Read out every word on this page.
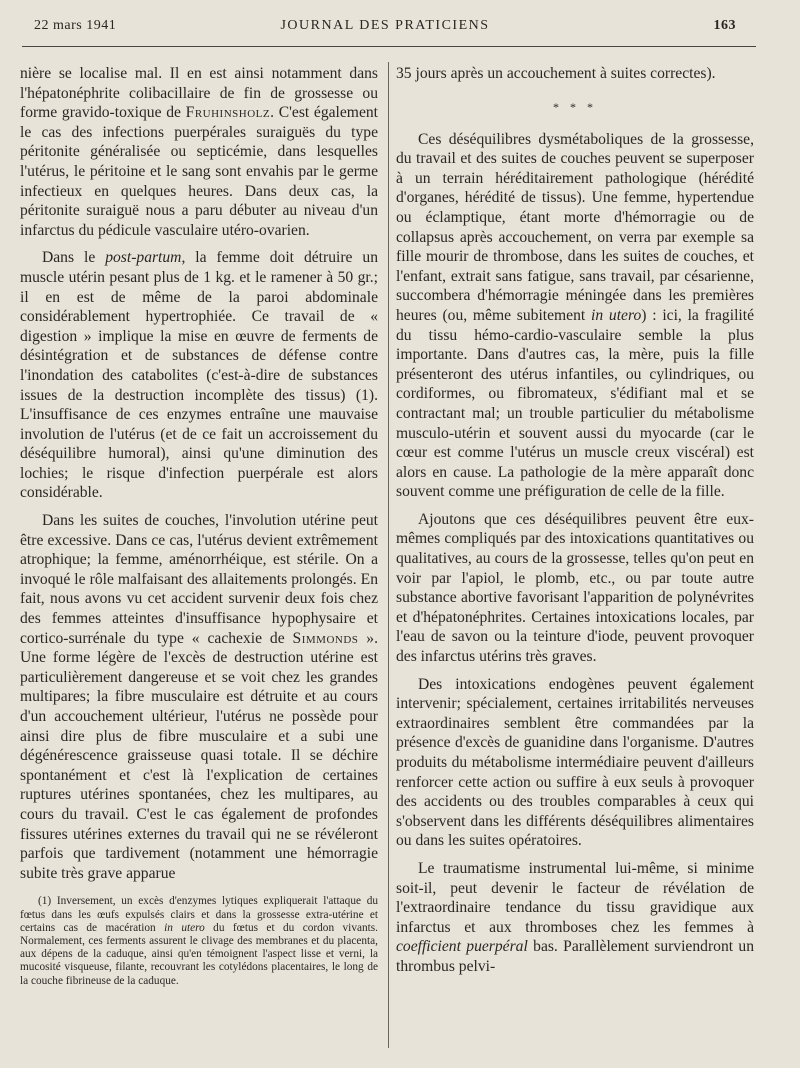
22 mars 1941	JOURNAL DES PRATICIENS	163

nière se localise mal. Il en est ainsi notamment dans l'hépatonéphrite colibacillaire de fin de grossesse ou forme gravido-toxique de Fruhinsholz. C'est également le cas des infections puerpérales suraiguës du type péritonite généralisée ou septicémie, dans lesquelles l'utérus, le péritoine et le sang sont envahis par le germe infectieux en quelques heures. Dans deux cas, la péritonite suraiguë nous a paru débuter au niveau d'un infarctus du pédicule vasculaire utéro-ovarien.

Dans le post-partum, la femme doit détruire un muscle utérin pesant plus de 1 kg. et le ramener à 50 gr.; il en est de même de la paroi abdominale considérablement hypertrophiée. Ce travail de « digestion » implique la mise en œuvre de ferments de désintégration et de substances de défense contre l'inondation des catabolites (c'est-à-dire de substances issues de la destruction incomplète des tissus) (1). L'insuffisance de ces enzymes entraîne une mauvaise involution de l'utérus (et de ce fait un accroissement du déséquilibre humoral), ainsi qu'une diminution des lochies; le risque d'infection puerpérale est alors considérable.

Dans les suites de couches, l'involution utérine peut être excessive. Dans ce cas, l'utérus devient extrêmement atrophique; la femme, aménorrhéique, est stérile. On a invoqué le rôle malfaisant des allaitements prolongés. En fait, nous avons vu cet accident survenir deux fois chez des femmes atteintes d'insuffisance hypophysaire et cortico-surrénale du type « cachexie de Simmonds ». Une forme légère de l'excès de destruction utérine est particulièrement dangereuse et se voit chez les grandes multipares; la fibre musculaire est détruite et au cours d'un accouchement ultérieur, l'utérus ne possède pour ainsi dire plus de fibre musculaire et a subi une dégénérescence graisseuse quasi totale. Il se déchire spontanément et c'est là l'explication de certaines ruptures utérines spontanées, chez les multipares, au cours du travail. C'est le cas également de profondes fissures utérines externes du travail qui ne se révéleront parfois que tardivement (notamment une hémorragie subite très grave apparue

(1) Inversement, un excès d'enzymes lytiques expliquerait l'attaque du fœtus dans les œufs expulsés clairs et dans la grossesse extra-utérine et certains cas de macération in utero du fœtus et du cordon vivants. Normalement, ces ferments assurent le clivage des membranes et du placenta, aux dépens de la caduque, ainsi qu'en témoignent l'aspect lisse et verni, la mucosité visqueuse, filante, recouvrant les cotylédons placentaires, le long de la couche fibrineuse de la caduque.

35 jours après un accouchement à suites correctes).

* * *

Ces déséquilibres dysmétaboliques de la grossesse, du travail et des suites de couches peuvent se superposer à un terrain héréditairement pathologique (hérédité d'organes, hérédité de tissus). Une femme, hypertendue ou éclamptique, étant morte d'hémorragie ou de collapsus après accouchement, on verra par exemple sa fille mourir de thrombose, dans les suites de couches, et l'enfant, extrait sans fatigue, sans travail, par césarienne, succombera d'hémorragie méningée dans les premières heures (ou, même subitement in utero) : ici, la fragilité du tissu hémo-cardio-vasculaire semble la plus importante. Dans d'autres cas, la mère, puis la fille présenteront des utérus infantiles, ou cylindriques, ou cordiformes, ou fibromateux, s'édifiant mal et se contractant mal; un trouble particulier du métabolisme musculo-utérin et souvent aussi du myocarde (car le cœur est comme l'utérus un muscle creux viscéral) est alors en cause. La pathologie de la mère apparaît donc souvent comme une préfiguration de celle de la fille.

Ajoutons que ces déséquilibres peuvent être eux-mêmes compliqués par des intoxications quantitatives ou qualitatives, au cours de la grossesse, telles qu'on peut en voir par l'apiol, le plomb, etc., ou par toute autre substance abortive favorisant l'apparition de polynévrites et d'hépatonéphrites. Certaines intoxications locales, par l'eau de savon ou la teinture d'iode, peuvent provoquer des infarctus utérins très graves.

Des intoxications endogènes peuvent également intervenir; spécialement, certaines irritabilités nerveuses extraordinaires semblent être commandées par la présence d'excès de guanidine dans l'organisme. D'autres produits du métabolisme intermédiaire peuvent d'ailleurs renforcer cette action ou suffire à eux seuls à provoquer des accidents ou des troubles comparables à ceux qui s'observent dans les différents déséquilibres alimentaires ou dans les suites opératoires.

Le traumatisme instrumental lui-même, si minime soit-il, peut devenir le facteur de révélation de l'extraordinaire tendance du tissu gravidique aux infarctus et aux thromboses chez les femmes à coefficient puerpéral bas. Parallèlement surviendront un thrombus pelvi-
